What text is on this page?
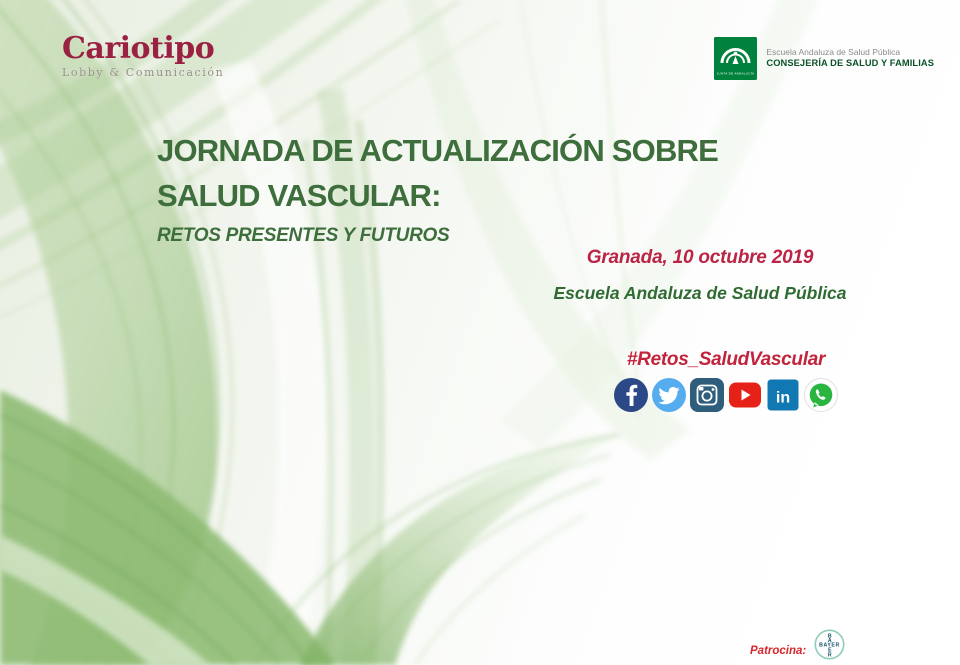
Cariotipo
Lobby & Comunicación	JUNTA DE ANDALUCÍA
Escuela Andaluza de Salud Pública
CONSEJERÍA DE SALUD Y FAMILIAS
JORNADA DE ACTUALIZACIÓN SOBRE
SALUD VASCULAR:
RETOS PRESENTES Y FUTUROS
Granada, 10 octubre 2019
Escuela Andaluza de Salud Pública
#Retos_SaludVascular
in
Patrocina:	BAYER
B
A
E
R
